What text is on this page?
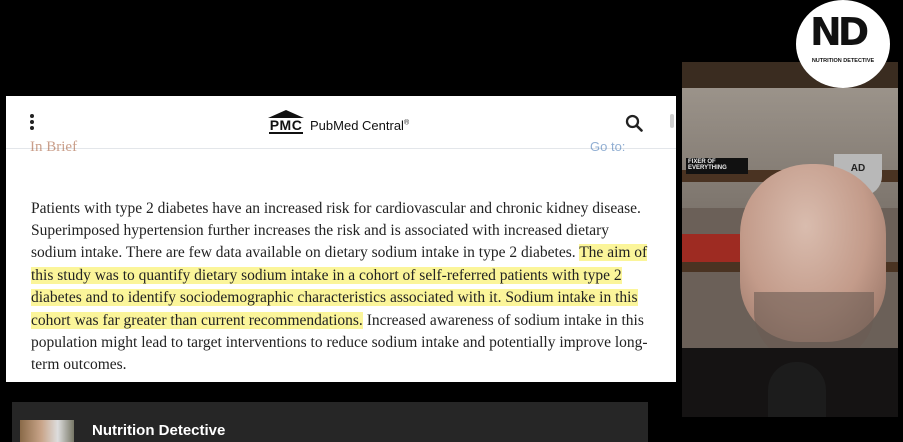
PMC PubMed Central®
In Brief	Go to:

Patients with type 2 diabetes have an increased risk for cardiovascular and chronic kidney disease. Superimposed hypertension further increases the risk and is associated with increased dietary sodium intake. There are few data available on dietary sodium intake in type 2 diabetes. The aim of this study was to quantify dietary sodium intake in a cohort of self-referred patients with type 2 diabetes and to identify sociodemographic characteristics associated with it. Sodium intake in this cohort was far greater than current recommendations. Increased awareness of sodium intake in this population might lead to target interventions to reduce sodium intake and potentially improve long-term outcomes.

FIXER OF EVERYTHING	AD
ND
NUTRITION DETECTIVE
Nutrition Detective
